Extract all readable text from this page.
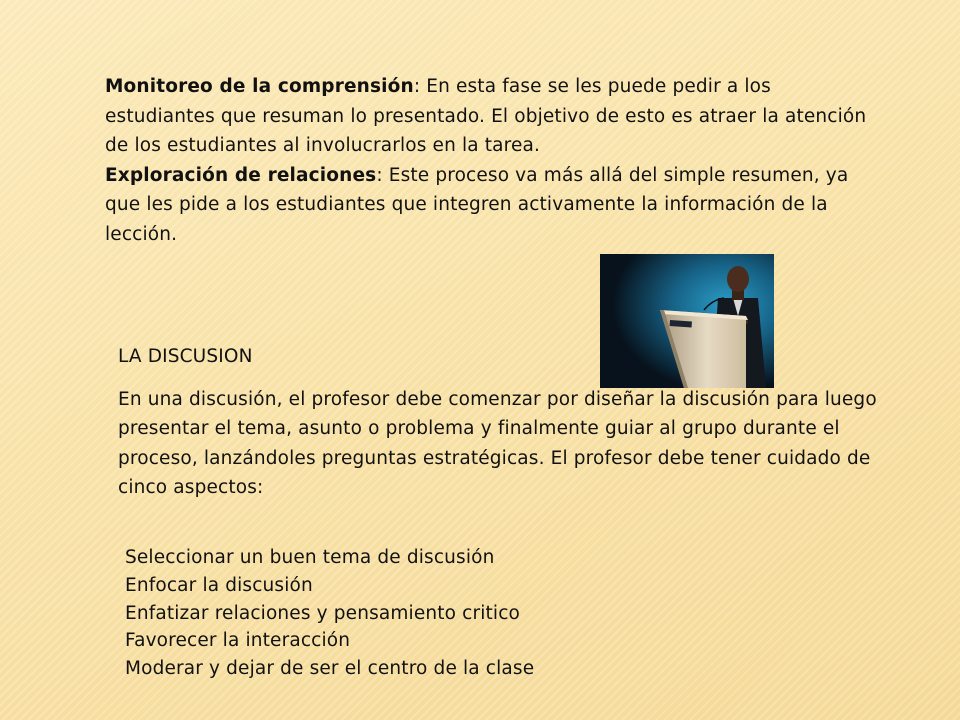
Monitoreo de la comprensión: En esta fase se les puede pedir a los estudiantes que resuman lo presentado. El objetivo de esto es atraer la atención de los estudiantes al involucrarlos en la tarea.

Exploración de relaciones: Este proceso va más allá del simple resumen, ya que les pide a los estudiantes que integren activamente la información de la lección.

LA DISCUSION

En una discusión, el profesor debe comenzar por diseñar la discusión para luego presentar el tema, asunto o problema y finalmente guiar al grupo durante el proceso, lanzándoles preguntas estratégicas. El profesor debe tener cuidado de cinco aspectos:

Seleccionar un buen tema de discusión
Enfocar la discusión
Enfatizar relaciones y pensamiento critico
Favorecer la interacción
Moderar y dejar de ser el centro de la clase
